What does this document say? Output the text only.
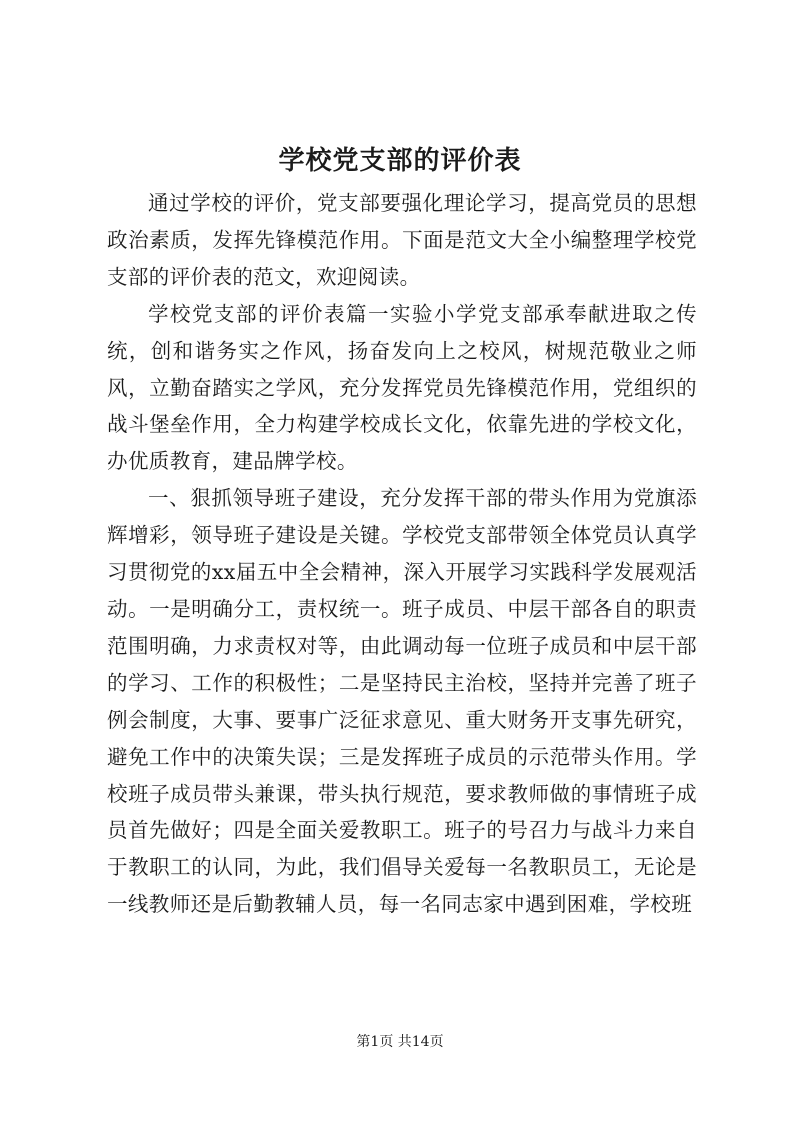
学校党支部的评价表

通过学校的评价，党支部要强化理论学习，提高党员的思想政治素质，发挥先锋模范作用。下面是范文大全小编整理学校党支部的评价表的范文，欢迎阅读。

学校党支部的评价表篇一实验小学党支部承奉献进取之传统，创和谐务实之作风，扬奋发向上之校风，树规范敬业之师风，立勤奋踏实之学风，充分发挥党员先锋模范作用，党组织的战斗堡垒作用，全力构建学校成长文化，依靠先进的学校文化，办优质教育，建品牌学校。

一、狠抓领导班子建设，充分发挥干部的带头作用为党旗添辉增彩，领导班子建设是关键。学校党支部带领全体党员认真学习贯彻党的xx届五中全会精神，深入开展学习实践科学发展观活动。一是明确分工，责权统一。班子成员、中层干部各自的职责范围明确，力求责权对等，由此调动每一位班子成员和中层干部的学习、工作的积极性；二是坚持民主治校，坚持并完善了班子例会制度，大事、要事广泛征求意见、重大财务开支事先研究，避免工作中的决策失误；三是发挥班子成员的示范带头作用。学校班子成员带头兼课，带头执行规范，要求教师做的事情班子成员首先做好；四是全面关爱教职工。班子的号召力与战斗力来自于教职工的认同，为此，我们倡导关爱每一名教职员工，无论是一线教师还是后勤教辅人员，每一名同志家中遇到困难，学校班

第1页 共14页
